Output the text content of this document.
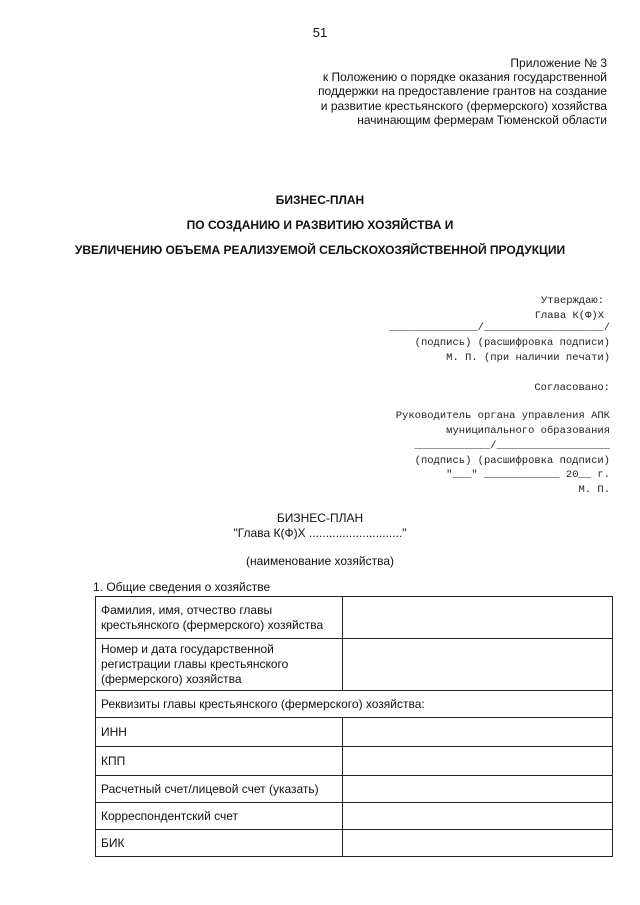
51
Приложение № 3
к Положению о порядке оказания государственной
поддержки на предоставление грантов на создание
и развитие крестьянского (фермерского) хозяйства
начинающим фермерам Тюменской области
БИЗНЕС-ПЛАН
ПО СОЗДАНИЮ И РАЗВИТИЮ ХОЗЯЙСТВА И
УВЕЛИЧЕНИЮ ОБЪЕМА РЕАЛИЗУЕМОЙ СЕЛЬСКОХОЗЯЙСТВЕННОЙ ПРОДУКЦИИ
Утверждаю:
Глава К(Ф)Х
______________/___________________/
(подпись) (расшифровка подписи)
М. П. (при наличии печати)
Согласовано:
Руководитель органа управления АПК
муниципального образования
____________/__________________
(подпись) (расшифровка подписи)
"___" ____________ 20__ г.
М. П.
БИЗНЕС-ПЛАН
"Глава К(Ф)Х ............................"
(наименование хозяйства)
1. Общие сведения о хозяйстве
Фамилия, имя, отчество главы крестьянского (фермерского) хозяйства	
Номер и дата государственной регистрации главы крестьянского (фермерского) хозяйства	
Реквизиты главы крестьянского (фермерского) хозяйства:	
ИНН	
КПП	
Расчетный счет/лицевой счет (указать)	
Корреспондентский счет	
БИК	
